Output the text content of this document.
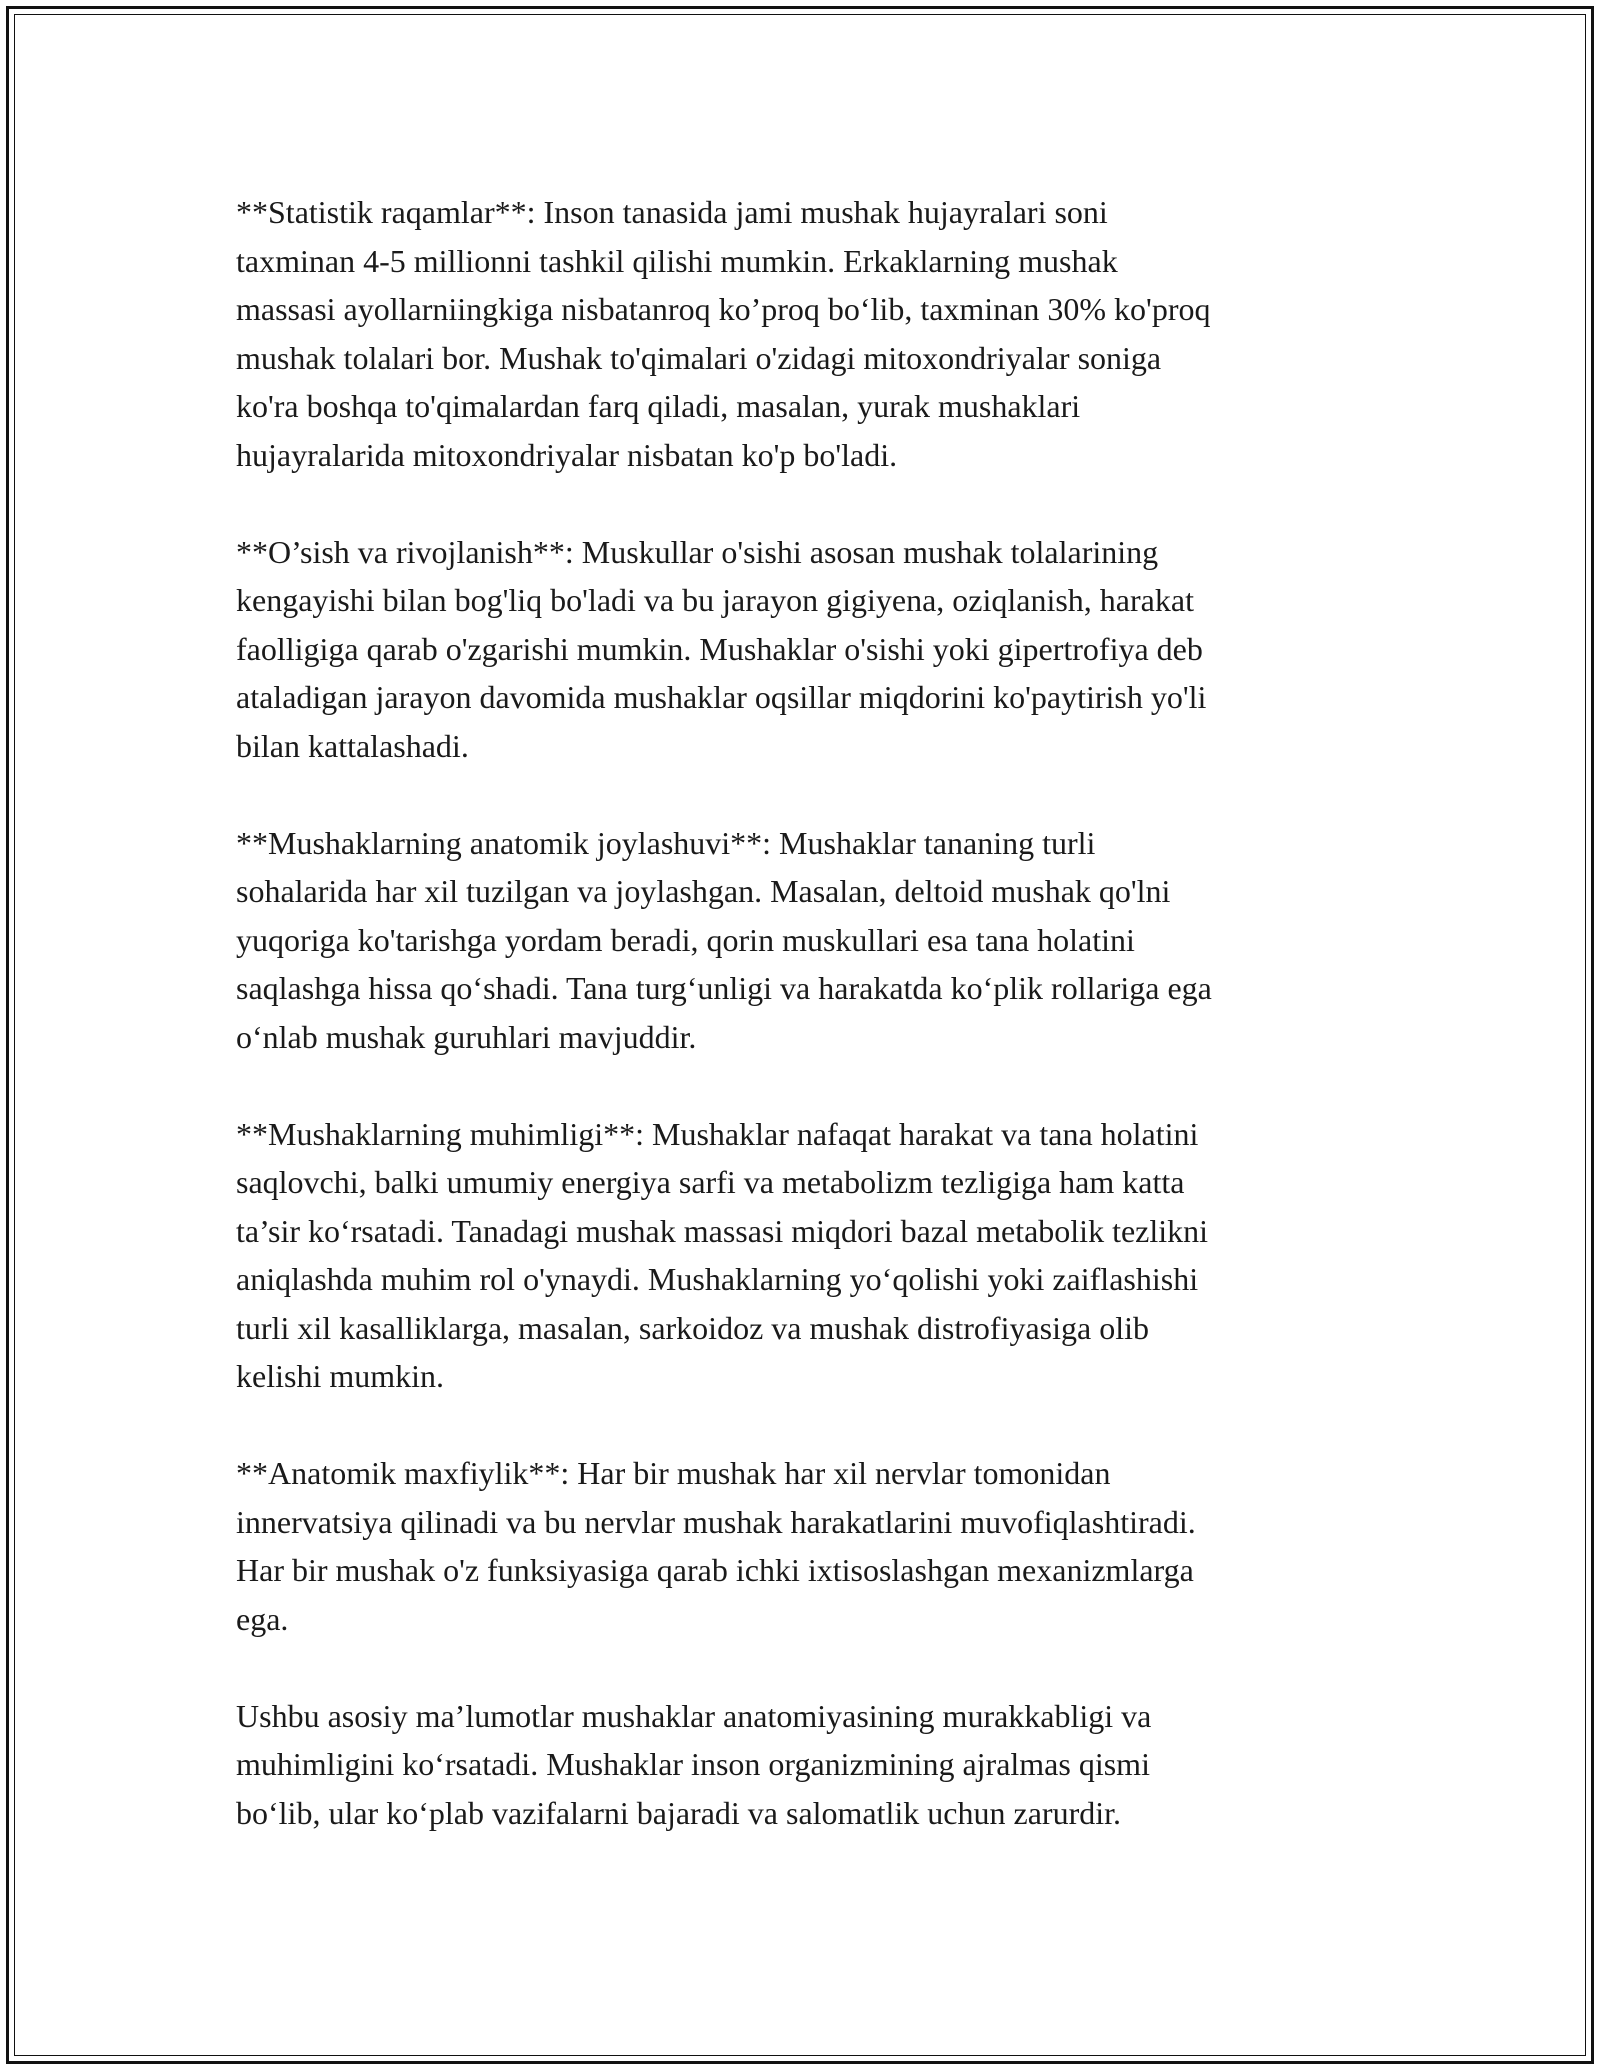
**Statistik raqamlar**: Inson tanasida jami mushak hujayralari soni
taxminan 4-5 millionni tashkil qilishi mumkin. Erkaklarning mushak
massasi ayollarniingkiga nisbatanroq ko’proq bo‘lib, taxminan 30% ko'proq
mushak tolalari bor. Mushak to'qimalari o'zidagi mitoxondriyalar soniga
ko'ra boshqa to'qimalardan farq qiladi, masalan, yurak mushaklari
hujayralarida mitoxondriyalar nisbatan ko'p bo'ladi.

**O’sish va rivojlanish**: Muskullar o'sishi asosan mushak tolalarining
kengayishi bilan bog'liq bo'ladi va bu jarayon gigiyena, oziqlanish, harakat
faolligiga qarab o'zgarishi mumkin. Mushaklar o'sishi yoki gipertrofiya deb
ataladigan jarayon davomida mushaklar oqsillar miqdorini ko'paytirish yo'li
bilan kattalashadi.

**Mushaklarning anatomik joylashuvi**: Mushaklar tananing turli
sohalarida har xil tuzilgan va joylashgan. Masalan, deltoid mushak qo'lni
yuqoriga ko'tarishga yordam beradi, qorin muskullari esa tana holatini
saqlashga hissa qo‘shadi. Tana turg‘unligi va harakatda ko‘plik rollariga ega
o‘nlab mushak guruhlari mavjuddir.

**Mushaklarning muhimligi**: Mushaklar nafaqat harakat va tana holatini
saqlovchi, balki umumiy energiya sarfi va metabolizm tezligiga ham katta
ta’sir ko‘rsatadi. Tanadagi mushak massasi miqdori bazal metabolik tezlikni
aniqlashda muhim rol o'ynaydi. Mushaklarning yo‘qolishi yoki zaiflashishi
turli xil kasalliklarga, masalan, sarkoidoz va mushak distrofiyasiga olib
kelishi mumkin.

**Anatomik maxfiylik**: Har bir mushak har xil nervlar tomonidan
innervatsiya qilinadi va bu nervlar mushak harakatlarini muvofiqlashtiradi.
Har bir mushak o'z funksiyasiga qarab ichki ixtisoslashgan mexanizmlarga
ega.

Ushbu asosiy ma’lumotlar mushaklar anatomiyasining murakkabligi va
muhimligini ko‘rsatadi. Mushaklar inson organizmining ajralmas qismi
bo‘lib, ular ko‘plab vazifalarni bajaradi va salomatlik uchun zarurdir.
